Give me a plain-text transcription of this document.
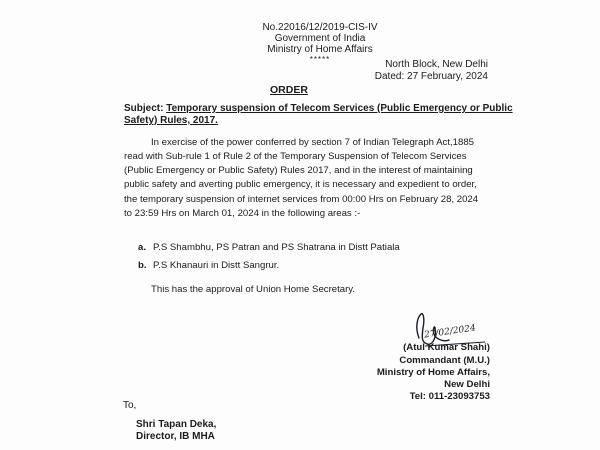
No.22016/12/2019-CIS-IV
Government of India
Ministry of Home Affairs
*****	North Block, New Delhi
Dated: 27 February, 2024
ORDER
Subject: Temporary suspension of Telecom Services (Public Emergency or Public Safety) Rules, 2017.
In exercise of the power conferred by section 7 of Indian Telegraph Act,1885
read with Sub-rule 1 of Rule 2 of the Temporary Suspension of Telecom Services
(Public Emergency or Public Safety) Rules 2017, and in the interest of maintaining
public safety and averting public emergency, it is necessary and expedient to order,
the temporary suspension of internet services from 00:00 Hrs on February 28, 2024
to 23:59 Hrs on March 01, 2024 in the following areas :-
a. P.S Shambhu, PS Patran and PS Shatrana in Distt Patiala
b. P.S Khanauri in Distt Sangrur.
This has the approval of Union Home Secretary.
27/02/2024
(Atul Kumar Shahi)
Commandant (M.U.)
Ministry of Home Affairs,
New Delhi
Tel: 011-23093753
To,
Shri Tapan Deka,
Director, IB MHA
